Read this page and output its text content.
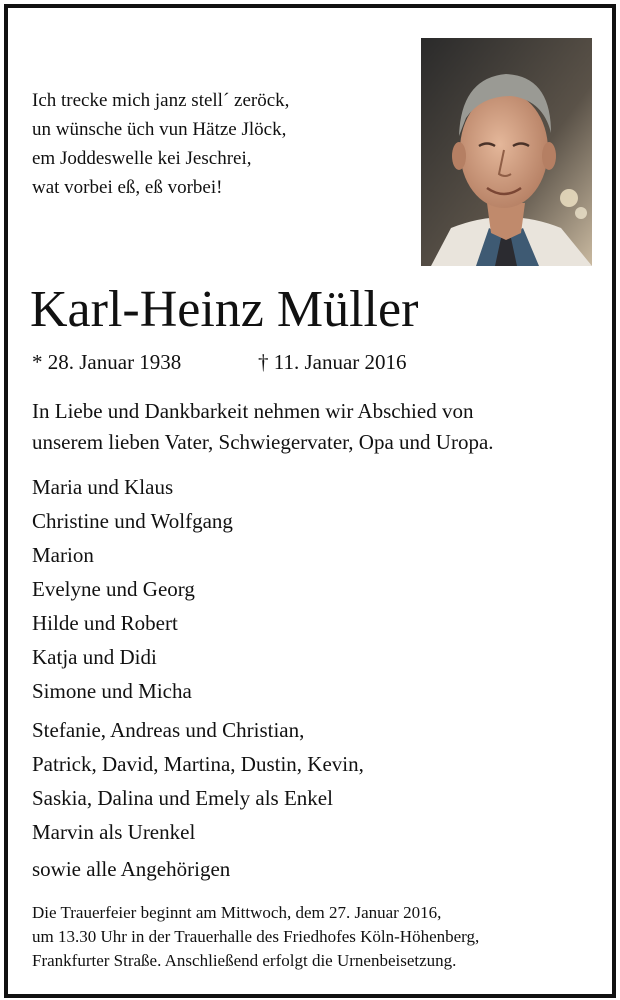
Ich trecke mich janz stell´ zeröck,
un wünsche üch vun Hätze Jlöck,
em Joddeswelle kei Jeschrei,
wat vorbei eß, eß vorbei!
Karl-Heinz Müller
* 28. Januar 1938	† 11. Januar 2016
In Liebe und Dankbarkeit nehmen wir Abschied von
unserem lieben Vater, Schwiegervater, Opa und Uropa.
Maria und Klaus
Christine und Wolfgang
Marion
Evelyne und Georg
Hilde und Robert
Katja und Didi
Simone und Micha
Stefanie, Andreas und Christian,
Patrick, David, Martina, Dustin, Kevin,
Saskia, Dalina und Emely als Enkel
Marvin als Urenkel
sowie alle Angehörigen
Die Trauerfeier beginnt am Mittwoch, dem 27. Januar 2016,
um 13.30 Uhr in der Trauerhalle des Friedhofes Köln-Höhenberg,
Frankfurter Straße. Anschließend erfolgt die Urnenbeisetzung.
